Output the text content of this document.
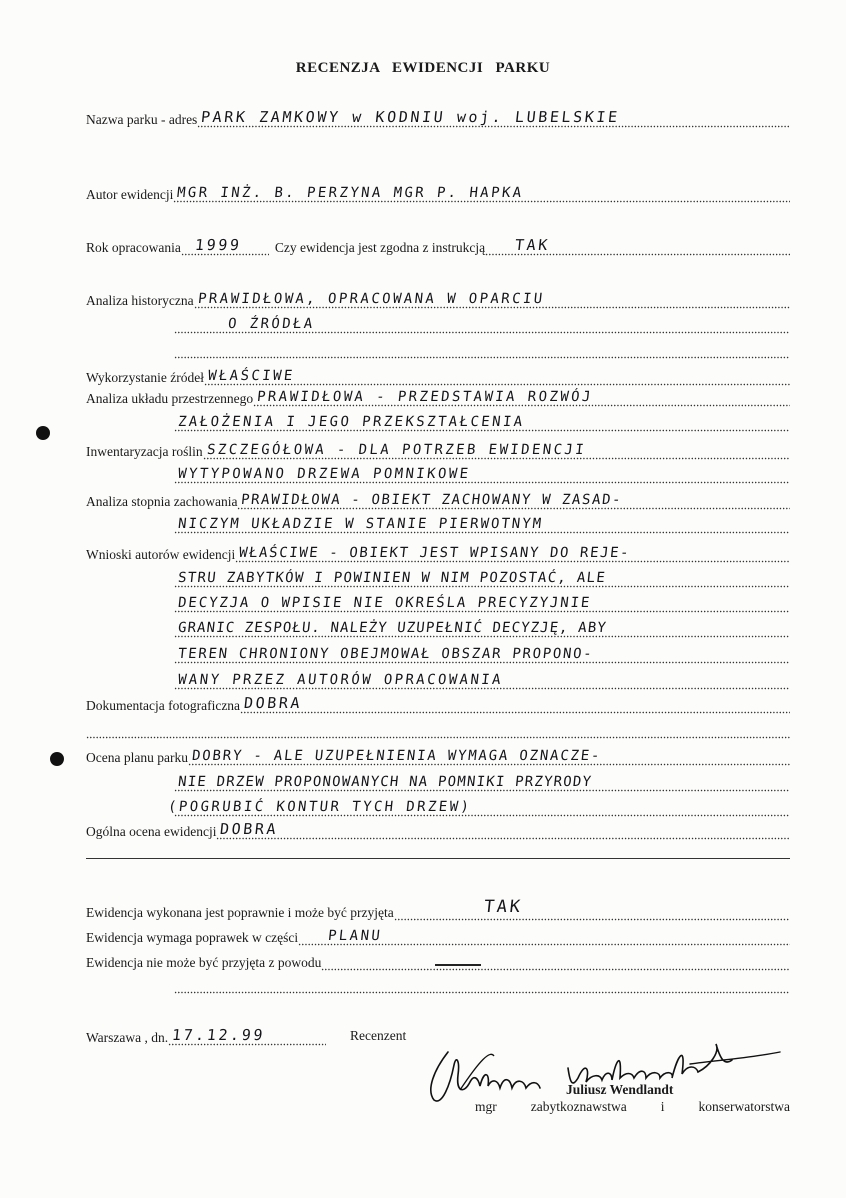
RECENZJA EWIDENCJI PARKU
Nazwa parku - adres PARK ZAMKOWY w KODNIU woj. LUBELSKIE
Autor ewidencji MGR INŻ. B. PERZYNA MGR P. HAPKA
Rok opracowania 1999 Czy ewidencja jest zgodna z instrukcją TAK
Analiza historyczna PRAWIDŁOWA, OPRACOWANA W OPARCIU
O ŹRÓDŁA
Wykorzystanie źródeł WŁAŚCIWE
Analiza układu przestrzennego PRAWIDŁOWA - PRZEDSTAWIA ROZWÓJ
ZAŁOŻENIA I JEGO PRZEKSZTAŁCENIA
Inwentaryzacja roślin SZCZEGÓŁOWA - DLA POTRZEB EWIDENCJI
WYTYPOWANO DRZEWA POMNIKOWE
Analiza stopnia zachowania PRAWIDŁOWA - OBIEKT ZACHOWANY W ZASAD-
NICZYM UKŁADZIE W STANIE PIERWOTNYM
Wnioski autorów ewidencji WŁAŚCIWE - OBIEKT JEST WPISANY DO REJE-
STRU ZABYTKÓW I POWINIEN W NIM POZOSTAĆ, ALE
DECYZJA O WPISIE NIE OKREŚLA PRECYZYJNIE
GRANIC ZESPOŁU. NALEŻY UZUPEŁNIĆ DECYZJĘ, ABY
TEREN CHRONIONY OBEJMOWAŁ OBSZAR PROPONO-
WANY PRZEZ AUTORÓW OPRACOWANIA
Dokumentacja fotograficzna DOBRA
Ocena planu parku DOBRY - ALE UZUPEŁNIENIA WYMAGA OZNACZE-
NIE DRZEW PROPONOWANYCH NA POMNIKI PRZYRODY
(POGRUBIĆ KONTUR TYCH DRZEW)
Ogólna ocena ewidencji DOBRA
Ewidencja wykonana jest poprawnie i może być przyjęta	TAK
Ewidencja wymaga poprawek w części PLANU
Ewidencja nie może być przyjęta z powodu
Warszawa , dn. 17.12.99	Recenzent
Juliusz Wendlandt
mgr zabytkoznawstwa i konserwatorstwa
